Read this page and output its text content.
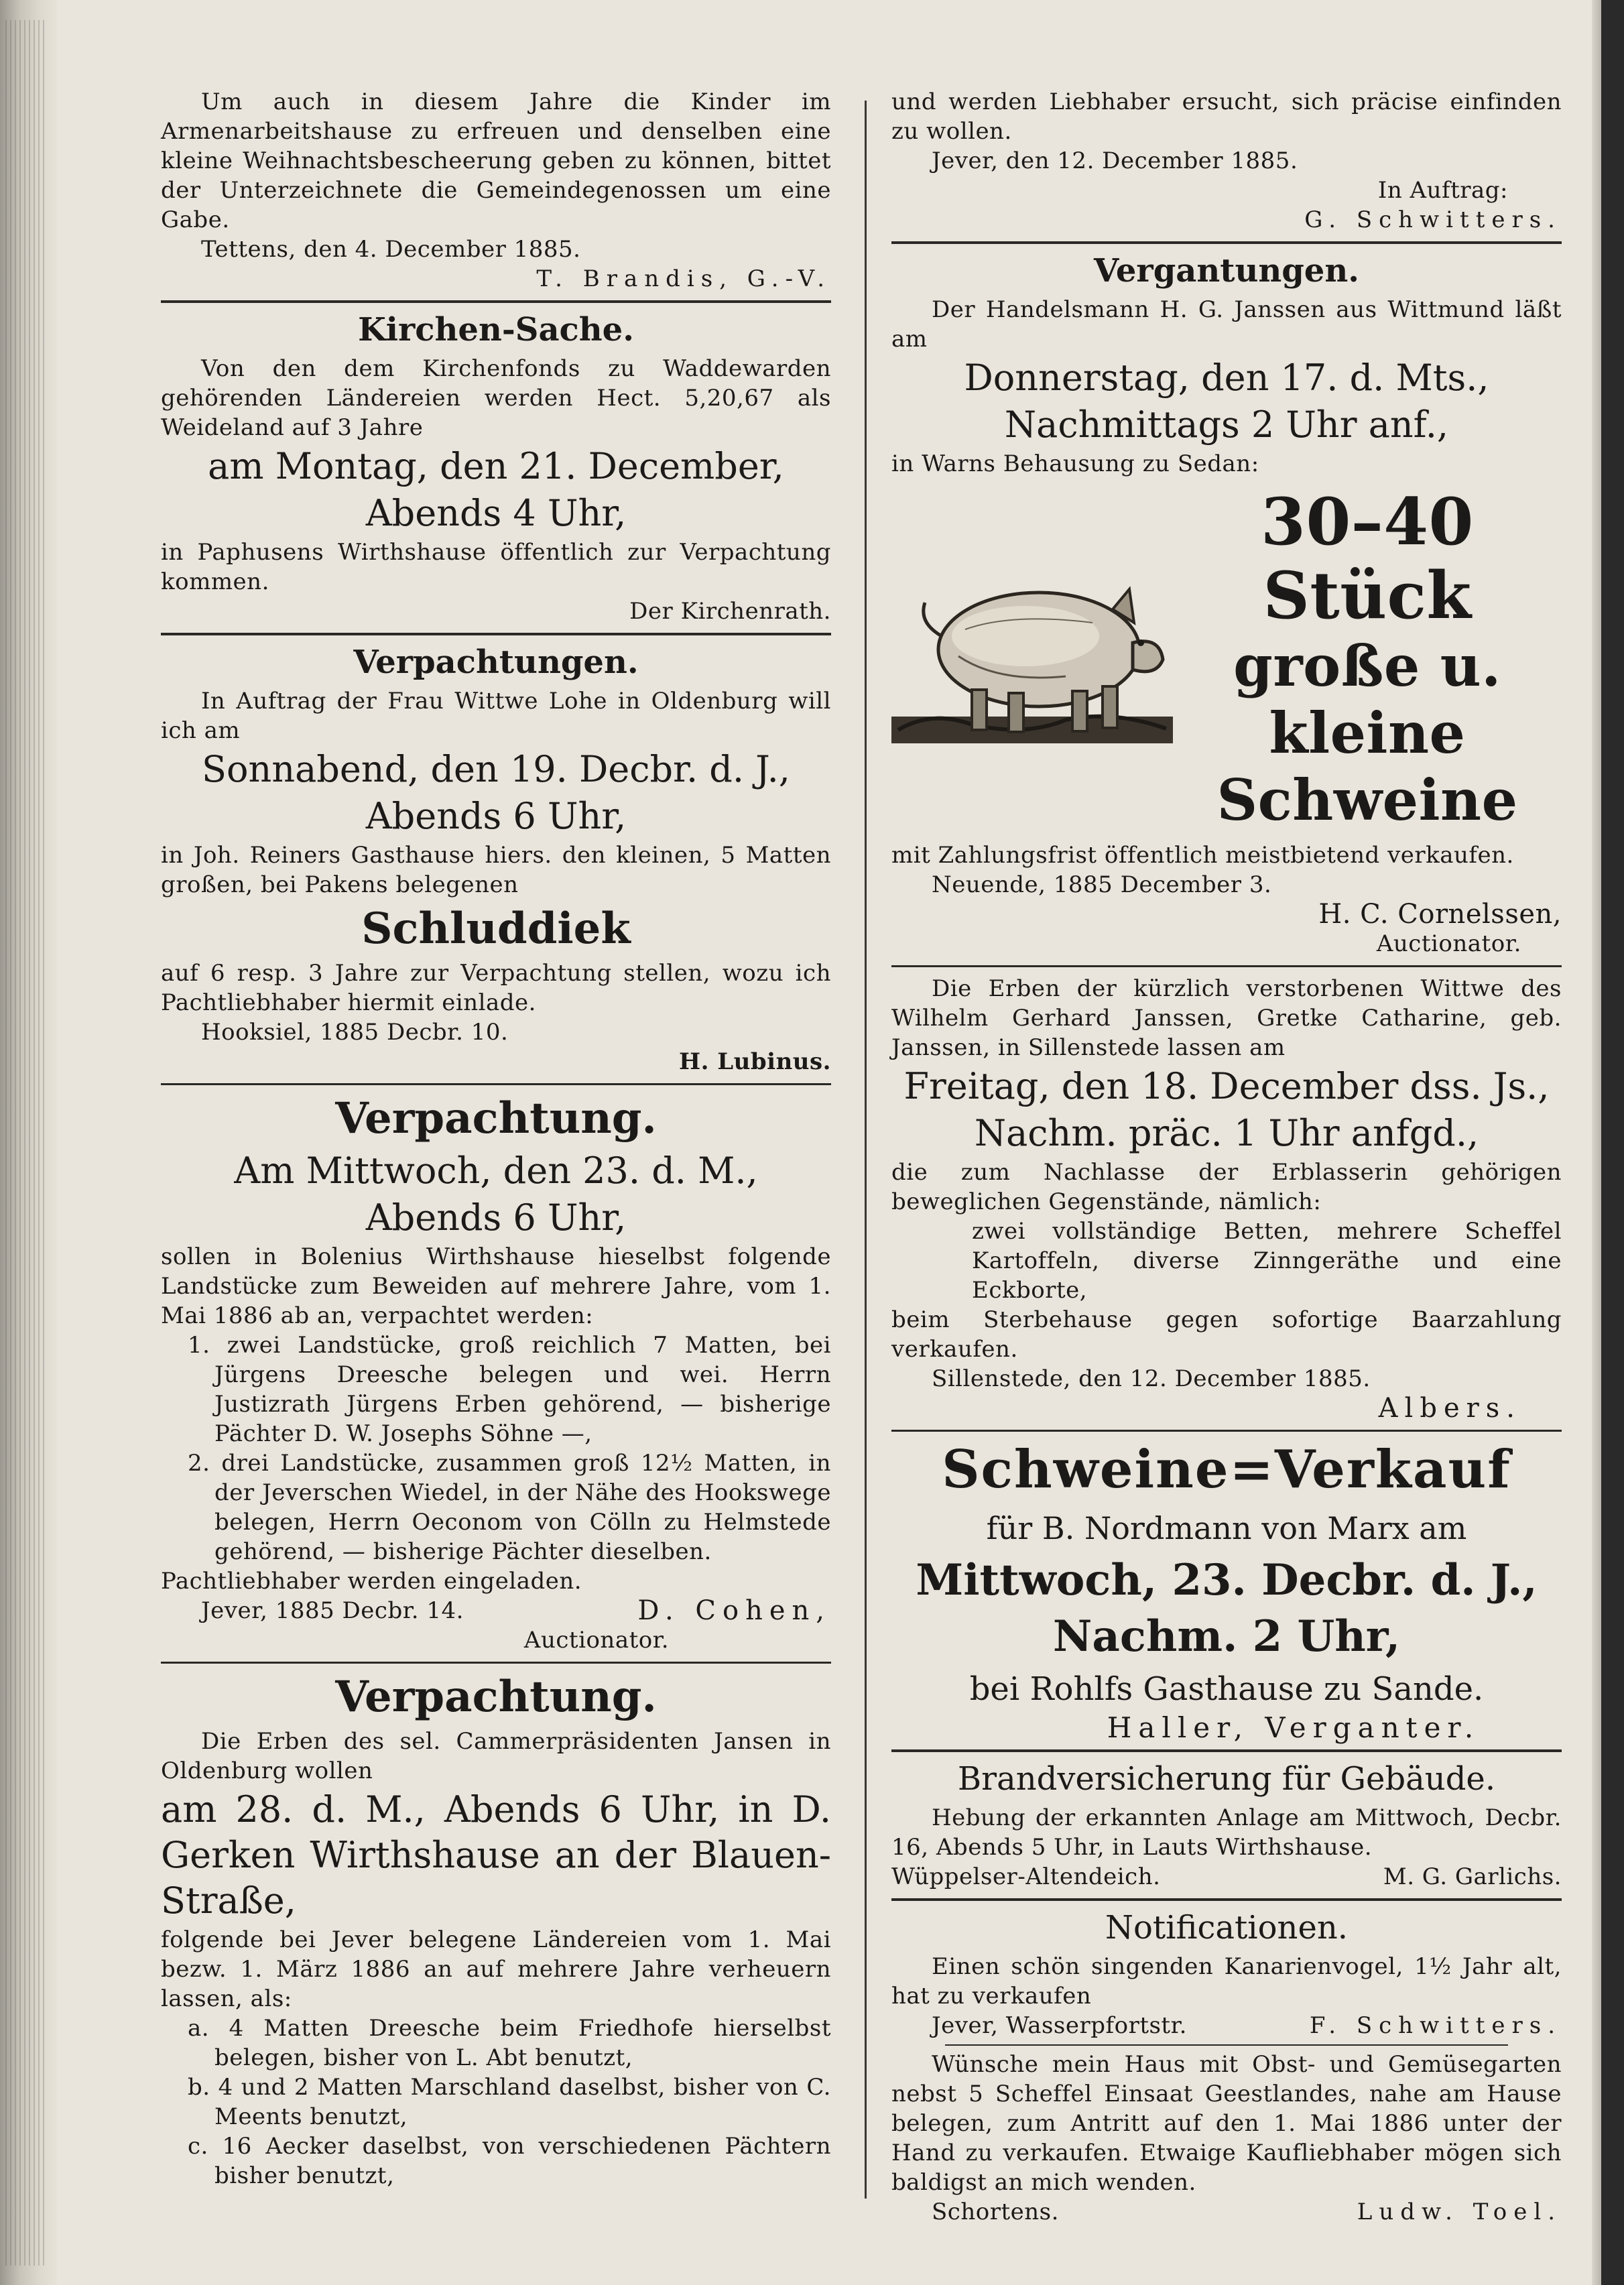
Um auch in diesem Jahre die Kinder im Armenarbeitshause zu erfreuen und denselben eine kleine Weihnachtsbescheerung geben zu können, bittet der Unterzeichnete die Gemeindegenossen um eine Gabe.

Tettens, den 4. December 1885.

T. Brandis, G.-V.

Kirchen-Sache.

Von den dem Kirchenfonds zu Waddewarden gehörenden Ländereien werden Hect. 5,20,67 als Weideland auf 3 Jahre

am Montag, den 21. December,

Abends 4 Uhr,

in Paphusens Wirthshause öffentlich zur Verpachtung kommen.

Der Kirchenrath.

Verpachtungen.

In Auftrag der Frau Wittwe Lohe in Oldenburg will ich am

Sonnabend, den 19. Decbr. d. J.,

Abends 6 Uhr,

in Joh. Reiners Gasthause hiers. den kleinen, 5 Matten großen, bei Pakens belegenen

Schluddiek

auf 6 resp. 3 Jahre zur Verpachtung stellen, wozu ich Pachtliebhaber hiermit einlade.

Hooksiel, 1885 Decbr. 10.

H. Lubinus.

Verpachtung.

Am Mittwoch, den 23. d. M.,

Abends 6 Uhr,

sollen in Bolenius Wirthshause hieselbst folgende Landstücke zum Beweiden auf mehrere Jahre, vom 1. Mai 1886 ab an, verpachtet werden:

1. zwei Landstücke, groß reichlich 7 Matten, bei Jürgens Dreesche belegen und wei. Herrn Justizrath Jürgens Erben gehörend, — bisherige Pächter D. W. Josephs Söhne —,

2. drei Landstücke, zusammen groß 12½ Matten, in der Jeverschen Wiedel, in der Nähe des Hookswege belegen, Herrn Oeconom von Cölln zu Helmstede gehörend, — bisherige Pächter dieselben.

Pachtliebhaber werden eingeladen.

Jever, 1885 Decbr. 14.	D. Cohen,

Auctionator.

Verpachtung.

Die Erben des sel. Cammerpräsidenten Jansen in Oldenburg wollen

am 28. d. M., Abends 6 Uhr, in D. Gerken Wirthshause an der Blauen-Straße,

folgende bei Jever belegene Ländereien vom 1. Mai bezw. 1. März 1886 an auf mehrere Jahre verheuern lassen, als:

a. 4 Matten Dreesche beim Friedhofe hierselbst belegen, bisher von L. Abt benutzt,

b. 4 und 2 Matten Marschland daselbst, bisher von C. Meents benutzt,

c. 16 Aecker daselbst, von verschiedenen Pächtern bisher benutzt,

und werden Liebhaber ersucht, sich präcise einfinden zu wollen.

Jever, den 12. December 1885.

In Auftrag:

G. Schwitters.

Vergantungen.

Der Handelsmann H. G. Janssen aus Wittmund läßt am

Donnerstag, den 17. d. Mts.,

Nachmittags 2 Uhr anf.,

in Warns Behausung zu Sedan:

30–40 Stück

große u. kleine

Schweine

mit Zahlungsfrist öffentlich meistbietend verkaufen.

Neuende, 1885 December 3.

H. C. Cornelssen,

Auctionator.

Die Erben der kürzlich verstorbenen Wittwe des Wilhelm Gerhard Janssen, Gretke Catharine, geb. Janssen, in Sillenstede lassen am

Freitag, den 18. December dss. Js.,

Nachm. präc. 1 Uhr anfgd.,

die zum Nachlasse der Erblasserin gehörigen beweglichen Gegenstände, nämlich:

zwei vollständige Betten, mehrere Scheffel Kartoffeln, diverse Zinngeräthe und eine Eckborte,

beim Sterbehause gegen sofortige Baarzahlung verkaufen.

Sillenstede, den 12. December 1885.

Albers.

Schweine=Verkauf

für B. Nordmann von Marx am

Mittwoch, 23. Decbr. d. J.,

Nachm. 2 Uhr,

bei Rohlfs Gasthause zu Sande.

Haller, Verganter.

Brandversicherung für Gebäude.

Hebung der erkannten Anlage am Mittwoch, Decbr. 16, Abends 5 Uhr, in Lauts Wirthshause.

Wüppelser-Altendeich.	M. G. Garlichs.

Notificationen.

Einen schön singenden Kanarienvogel, 1½ Jahr alt, hat zu verkaufen

Jever, Wasserpfortstr.	F. Schwitters.

Wünsche mein Haus mit Obst- und Gemüsegarten nebst 5 Scheffel Einsaat Geestlandes, nahe am Hause belegen, zum Antritt auf den 1. Mai 1886 unter der Hand zu verkaufen. Etwaige Kaufliebhaber mögen sich baldigst an mich wenden.

Schortens.	Ludw. Toel.
